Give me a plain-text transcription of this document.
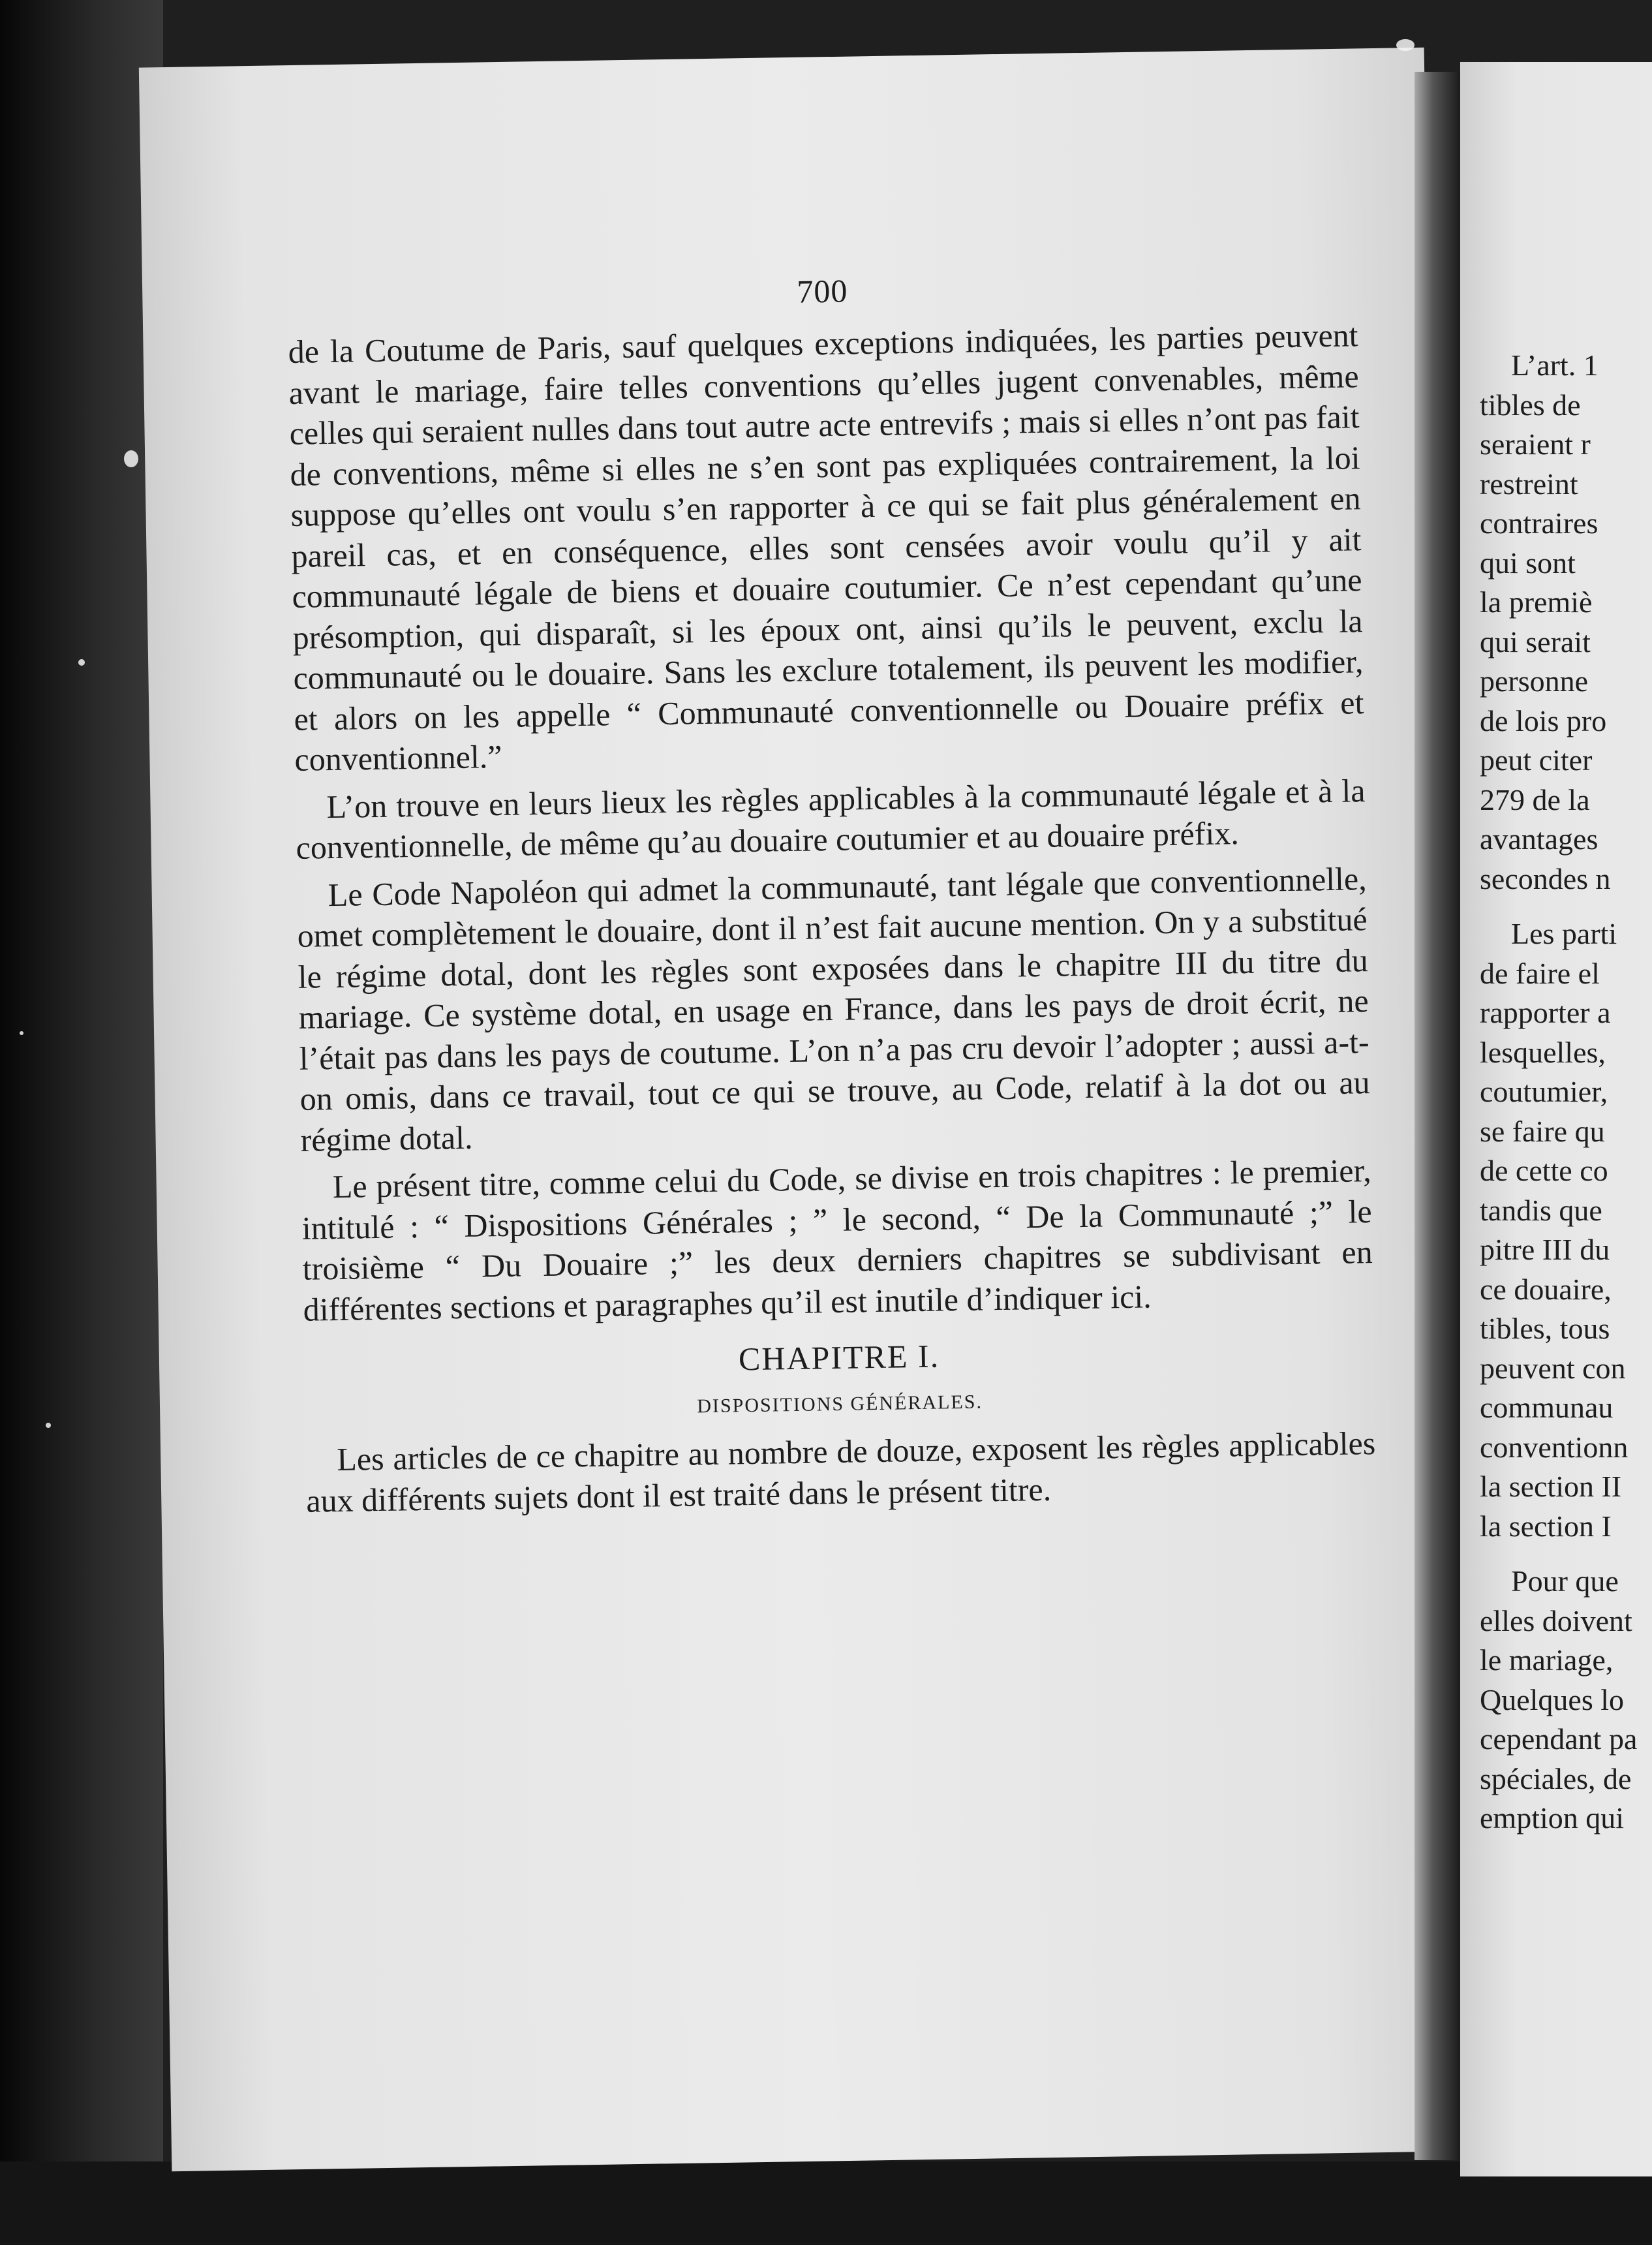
700

de la Coutume de Paris, sauf quelques exceptions indiquées, les parties peuvent avant le mariage, faire telles conventions qu’elles jugent convenables, même celles qui seraient nulles dans tout autre acte entrevifs ; mais si elles n’ont pas fait de conventions, même si elles ne s’en sont pas expliquées contrairement, la loi suppose qu’elles ont voulu s’en rapporter à ce qui se fait plus généralement en pareil cas, et en conséquence, elles sont censées avoir voulu qu’il y ait communauté légale de biens et douaire coutumier. Ce n’est cependant qu’une présomption, qui disparaît, si les époux ont, ainsi qu’ils le peuvent, exclu la communauté ou le douaire. Sans les exclure totalement, ils peuvent les modifier, et alors on les appelle “ Communauté conventionnelle ou Douaire préfix et conventionnel.”

L’on trouve en leurs lieux les règles applicables à la communauté légale et à la conventionnelle, de même qu’au douaire coutumier et au douaire préfix.

Le Code Napoléon qui admet la communauté, tant légale que conventionnelle, omet complètement le douaire, dont il n’est fait aucune mention. On y a substitué le régime dotal, dont les règles sont exposées dans le chapitre III du titre du mariage. Ce système dotal, en usage en France, dans les pays de droit écrit, ne l’était pas dans les pays de coutume. L’on n’a pas cru devoir l’adopter ; aussi a-t-on omis, dans ce travail, tout ce qui se trouve, au Code, relatif à la dot ou au régime dotal.

Le présent titre, comme celui du Code, se divise en trois chapitres : le premier, intitulé : “ Dispositions Générales ; ” le second, “ De la Communauté ;” le troisième “ Du Douaire ;” les deux derniers chapitres se subdivisant en différentes sections et paragraphes qu’il est inutile d’indiquer ici.

CHAPITRE I.
DISPOSITIONS GÉNÉRALES.

Les articles de ce chapitre au nombre de douze, exposent les règles applicables aux différents sujets dont il est traité dans le présent titre.

L’art. 1
tibles de
seraient r
restreint
contraires
qui sont
la premiè
qui serait
personne
de lois pro
peut citer
279 de la
avantages
secondes n
Les parti
de faire el
rapporter a
lesquelles,
coutumier,
se faire qu
de cette co
tandis que
pitre III du
ce douaire,
tibles, tous
peuvent con
communau
conventionn
la section II
la section I
Pour que
elles doivent
le mariage,
Quelques lo
cependant pa
spéciales, de
emption qui
